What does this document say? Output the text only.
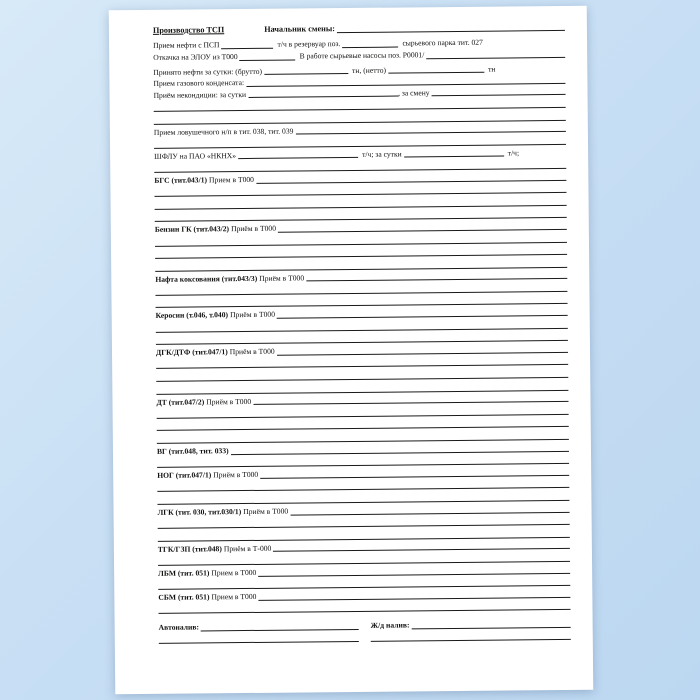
Производство ТСП	Начальник смены:
Прием нефти с ПСП	т/ч в резервуар поз.	сырьевого парка тит. 027
Откачка на ЭЛОУ из Т000	В работе сырьевые насосы поз. Р0001/
Принято нефти за сутки: (брутто)	тн, (нетто)	тн
Прием газового конденсата:
Приём некондиции: за сутки	, за смену
Прием ловушечного н/п в тит. 038, тит. 039
ШФЛУ на ПАО «НКНХ»	т/ч; за сутки	т/ч;
БГС (тит.043/1) Прием в Т000
Бензин ГК (тит.043/2) Приём в Т000
Нафта коксования (тит.043/3) Приём в Т000
Керосин (т.046, т.040) Приём в Т000
ДГК/ДТФ (тит.047/1) Приём в Т000
ДТ (тит.047/2) Приём в Т000
ВГ (тит.048, тит. 033)
НОГ (тит.047/1) Приём в Т000
ЛГК (тит. 030, тит.030/1) Приём в Т000
ТГК/ГЗП (тит.048) Приём в Т-000
ЛБМ (тит. 051) Прием в Т000
СБМ (тит. 051) Прием в Т000
Автоналив:	Ж/д налив:
